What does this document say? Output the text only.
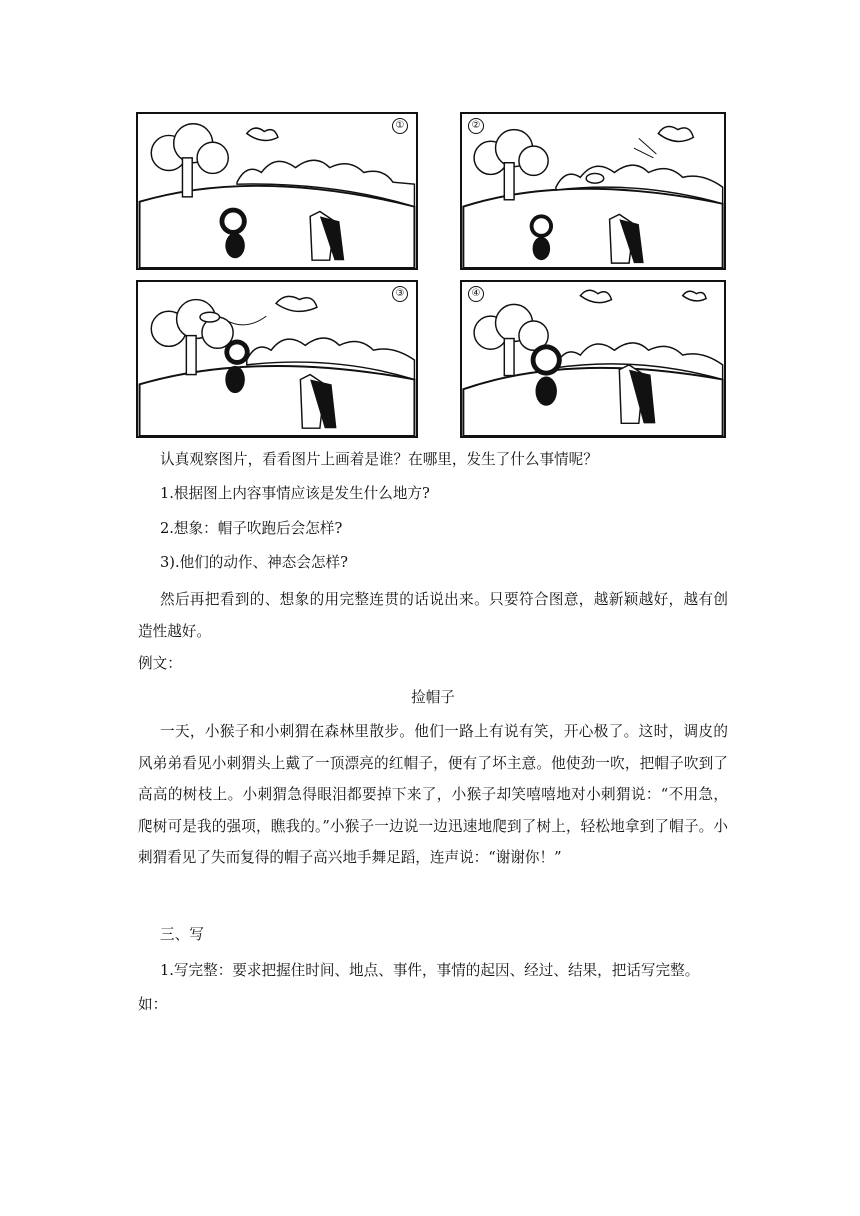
①	②
③	④
认真观察图片，看看图片上画着是谁？在哪里，发生了什么事情呢？
1.根据图上内容事情应该是发生什么地方?
2.想象：帽子吹跑后会怎样?
3).他们的动作、神态会怎样?
然后再把看到的、想象的用完整连贯的话说出来。只要符合图意，越新颖越好，越有创造性越好。
例文：
捡帽子
一天，小猴子和小刺猬在森林里散步。他们一路上有说有笑，开心极了。这时，调皮的风弟弟看见小刺猬头上戴了一顶漂亮的红帽子，便有了坏主意。他使劲一吹，把帽子吹到了高高的树枝上。小刺猬急得眼泪都要掉下来了，小猴子却笑嘻嘻地对小刺猬说：“不用急，爬树可是我的强项，瞧我的。”小猴子一边说一边迅速地爬到了树上，轻松地拿到了帽子。小刺猬看见了失而复得的帽子高兴地手舞足蹈，连声说：“谢谢你！”
三、写
1.写完整：要求把握住时间、地点、事件，事情的起因、经过、结果，把话写完整。
如：
